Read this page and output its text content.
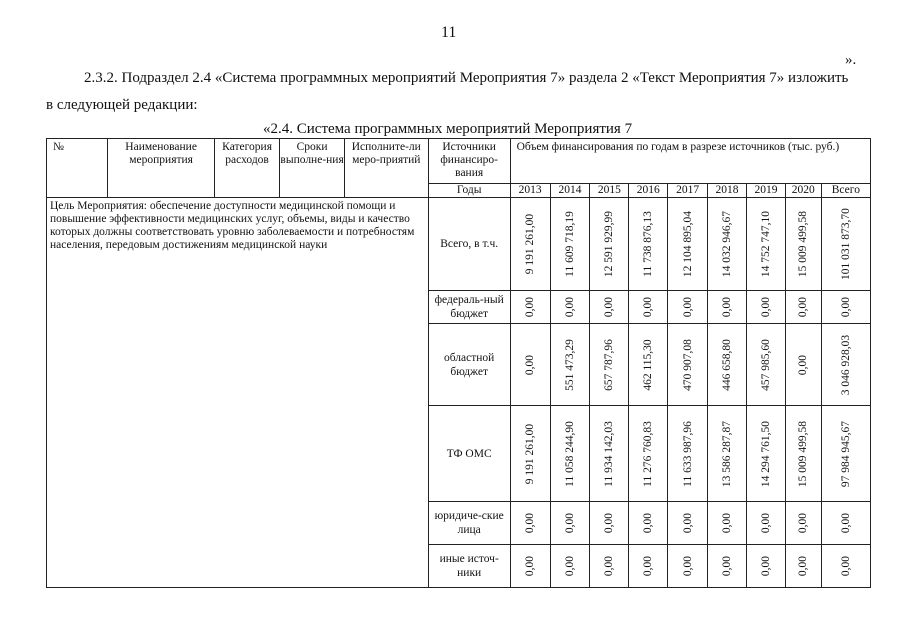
11
».
2.3.2. Подраздел 2.4 «Система программных мероприятий Мероприятия 7» раздела 2 «Текст Мероприятия 7» изложить
в следующей редакции:
«2.4. Система программных мероприятий Мероприятия 7
№	Наименование мероприятия	Категория расходов	Сроки выполне-ния	Исполните-ли меро-приятий	Источники финансиро-вания	Объем финансирования по годам в разрезе источников (тыс. руб.)								
					Годы	2013	2014	2015	2016	2017	2018	2019	2020	Всего
Цель Мероприятия: обеспечение доступности медицинской помощи и повышение эффективности медицинских услуг, объемы, виды и качество которых должны соответствовать уровню заболеваемости и потребностям населения, передовым достижениям медицинской науки					Всего, в т.ч.	9 191 261,00	11 609 718,19	12 591 929,99	11 738 876,13	12 104 895,04	14 032 946,67	14 752 747,10	15 009 499,58	101 031 873,70

					федераль-ный бюджет	0,00	0,00	0,00	0,00	0,00	0,00	0,00	0,00	0,00

					областной бюджет	0,00	551 473,29	657 787,96	462 115,30	470 907,08	446 658,80	457 985,60	0,00	3 046 928,03

					ТФ ОМС	9 191 261,00	11 058 244,90	11 934 142,03	11 276 760,83	11 633 987,96	13 586 287,87	14 294 761,50	15 009 499,58	97 984 945,67

					юридиче-ские лица	0,00	0,00	0,00	0,00	0,00	0,00	0,00	0,00	0,00

					иные источ-ники	0,00	0,00	0,00	0,00	0,00	0,00	0,00	0,00	0,00
